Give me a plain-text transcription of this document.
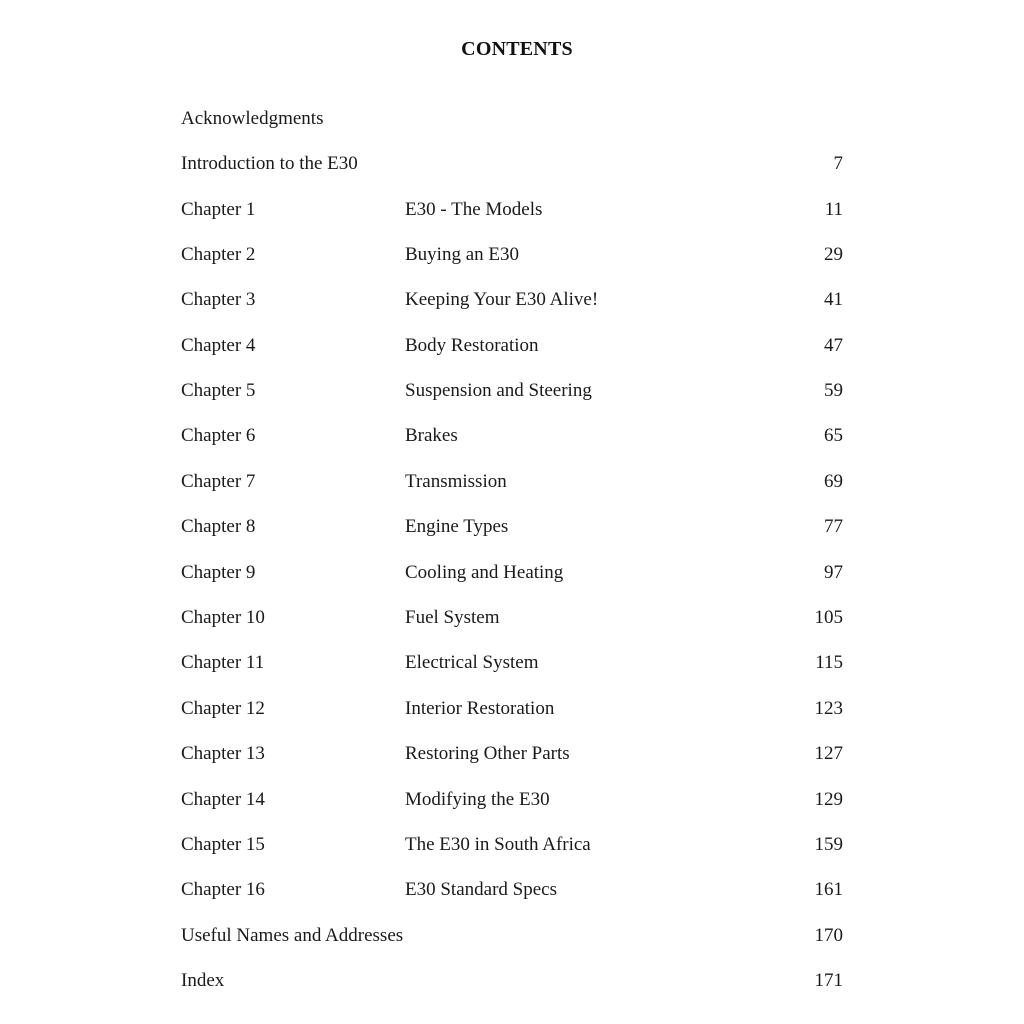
CONTENTS
Acknowledgments
Introduction to the E30	7
Chapter 1	E30 - The Models	11
Chapter 2	Buying an E30	29
Chapter 3	Keeping Your E30 Alive!	41
Chapter 4	Body Restoration	47
Chapter 5	Suspension and Steering	59
Chapter 6	Brakes	65
Chapter 7	Transmission	69
Chapter 8	Engine Types	77
Chapter 9	Cooling and Heating	97
Chapter 10	Fuel System	105
Chapter 11	Electrical System	115
Chapter 12	Interior Restoration	123
Chapter 13	Restoring Other Parts	127
Chapter 14	Modifying the E30	129
Chapter 15	The E30 in South Africa	159
Chapter 16	E30 Standard Specs	161
Useful Names and Addresses	170
Index	171
